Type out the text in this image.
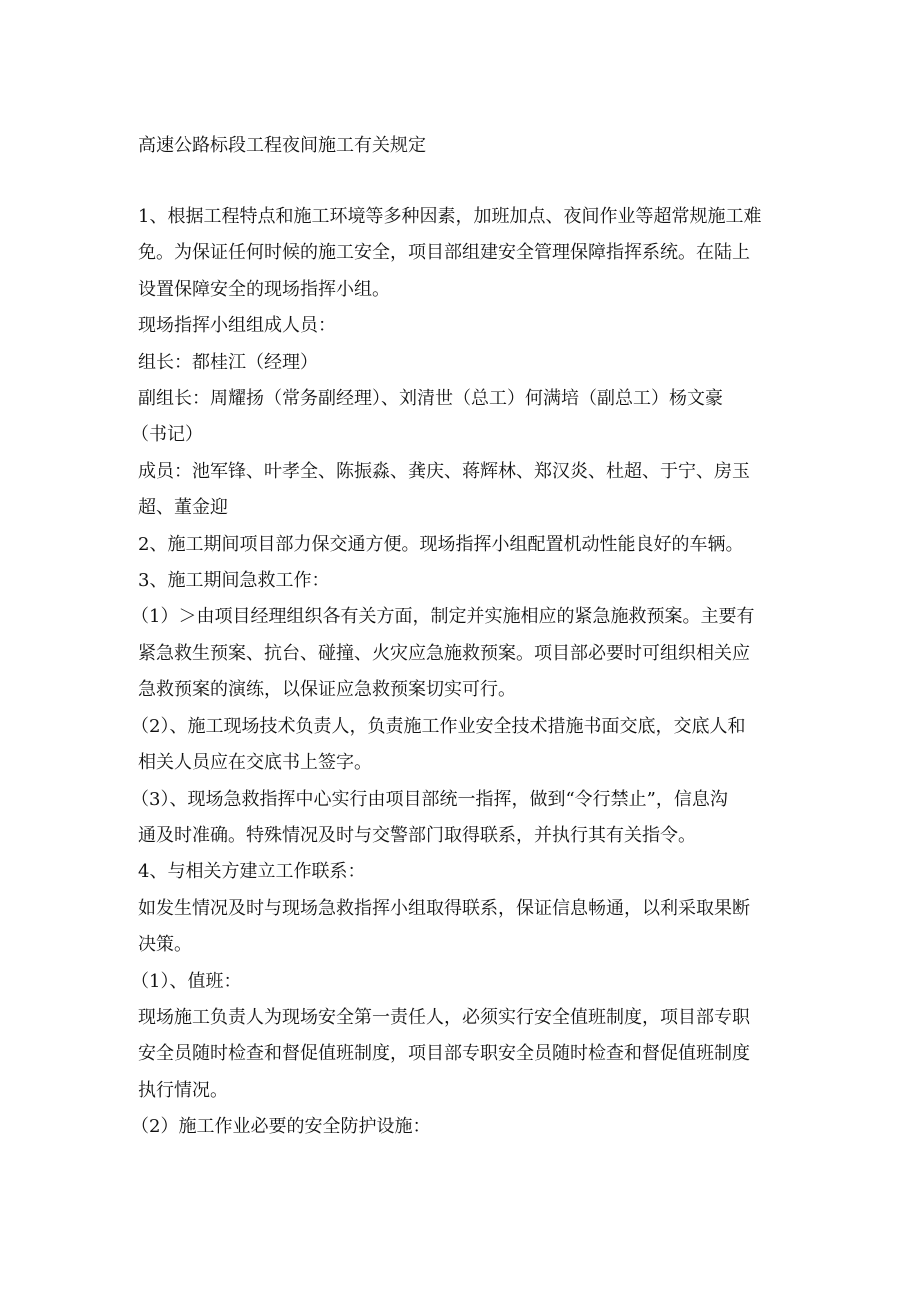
高速公路标段工程夜间施工有关规定

1、根据工程特点和施工环境等多种因素，加班加点、夜间作业等超常规施工难

免。为保证任何时候的施工安全，项目部组建安全管理保障指挥系统。在陆上

设置保障安全的现场指挥小组。

现场指挥小组组成人员：

组长：都桂江（经理）

副组长：周耀扬（常务副经理）、刘清世（总工）何满培（副总工）杨文豪

（书记）

成员：池军锋、叶孝全、陈振淼、龚庆、蒋辉林、郑汉炎、杜超、于宁、房玉

超、董金迎

2、施工期间项目部力保交通方便。现场指挥小组配置机动性能良好的车辆。

3、施工期间急救工作：

（1）＞由项目经理组织各有关方面，制定并实施相应的紧急施救预案。主要有

紧急救生预案、抗台、碰撞、火灾应急施救预案。项目部必要时可组织相关应

急救预案的演练，以保证应急救预案切实可行。

（2）、施工现场技术负责人，负责施工作业安全技术措施书面交底，交底人和

相关人员应在交底书上签字。

（3）、现场急救指挥中心实行由项目部统一指挥，做到“令行禁止”，信息沟

通及时准确。特殊情况及时与交警部门取得联系，并执行其有关指令。

4、与相关方建立工作联系：

如发生情况及时与现场急救指挥小组取得联系，保证信息畅通，以利采取果断

决策。

（1）、值班：

现场施工负责人为现场安全第一责任人，必须实行安全值班制度，项目部专职

安全员随时检查和督促值班制度，项目部专职安全员随时检查和督促值班制度

执行情况。

（2）施工作业必要的安全防护设施：
